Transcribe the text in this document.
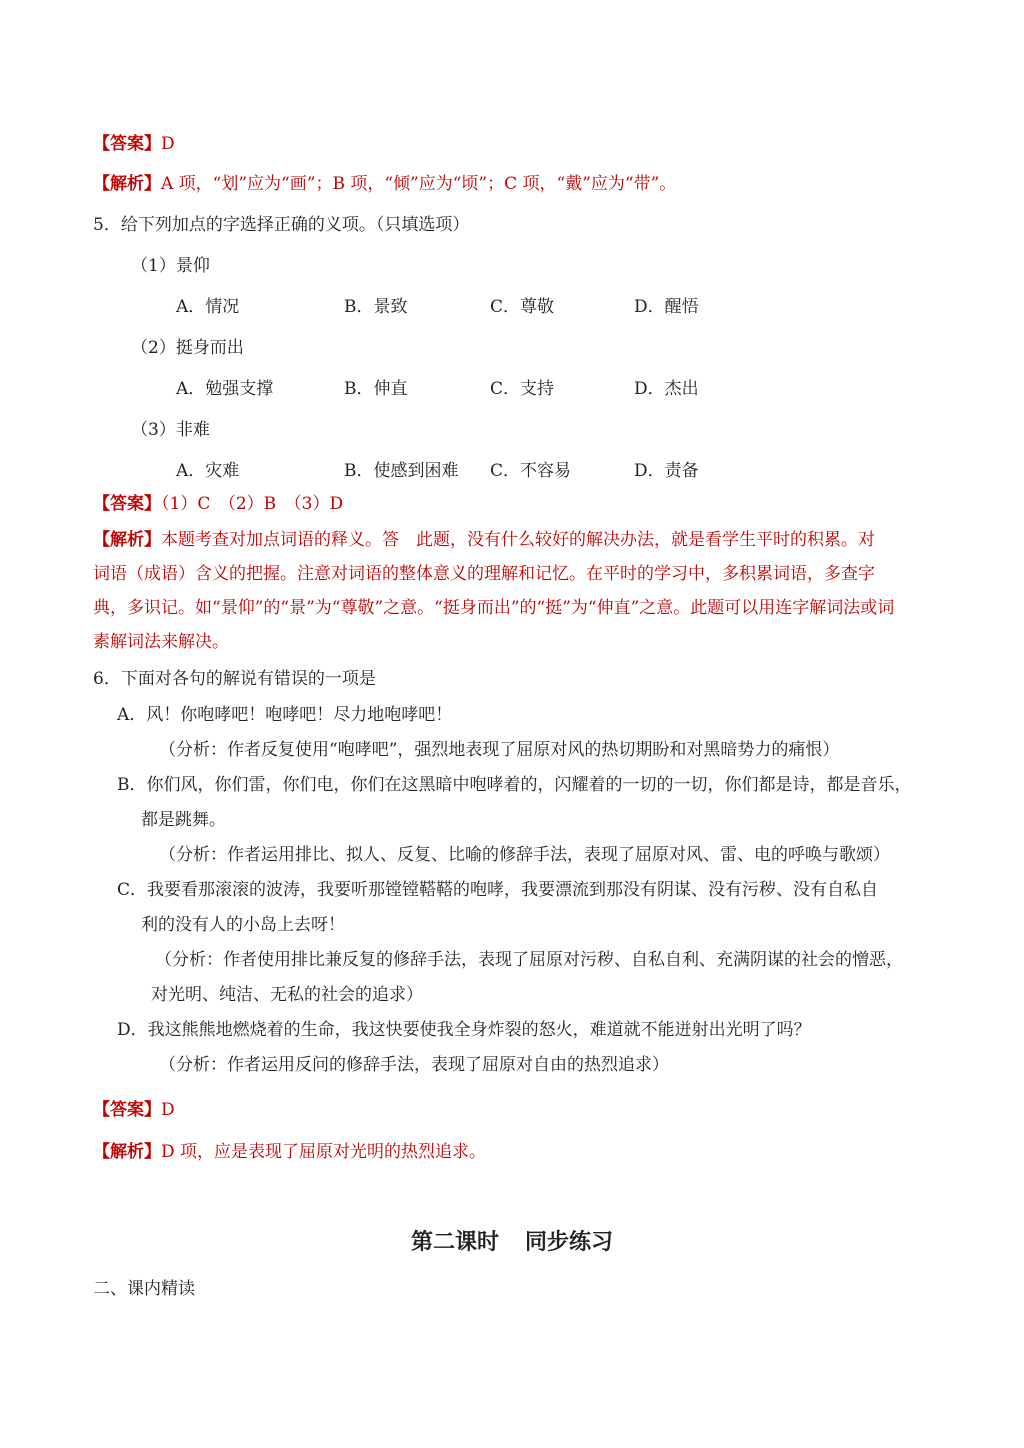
【答案】D
【解析】A 项，“划”应为“画”；B 项，“倾”应为“顷”；C 项，“戴”应为“带”。
5．给下列加点的字选择正确的义项。（只填选项）
（1）景仰
A．情况	B．景致	C．尊敬	D．醒悟
（2）挺身而出
A．勉强支撑	B．伸直	C．支持	D．杰出
（3）非难
A．灾难	B．使感到困难 C．不容易	D．责备
【答案】（1）C　（2）B　（3）D
【解析】本题考查对加点词语的释义。答　此题，没有什么较好的解决办法，就是看学生平时的积累。对
词语（成语）含义的把握。注意对词语的整体意义的理解和记忆。在平时的学习中，多积累词语，多查字
典，多识记。如“景仰”的“景”为“尊敬”之意。“挺身而出”的“挺”为“伸直”之意。此题可以用连字解词法或词
素解词法来解决。
6．下面对各句的解说有错误的一项是
A．风！你咆哮吧！咆哮吧！尽力地咆哮吧！
（分析：作者反复使用“咆哮吧”，强烈地表现了屈原对风的热切期盼和对黑暗势力的痛恨）
B．你们风，你们雷，你们电，你们在这黑暗中咆哮着的，闪耀着的一切的一切，你们都是诗，都是音乐，
都是跳舞。
（分析：作者运用排比、拟人、反复、比喻的修辞手法，表现了屈原对风、雷、电的呼唤与歌颂）
C．我要看那滚滚的波涛，我要听那镗镗鞳鞳的咆哮，我要漂流到那没有阴谋、没有污秽、没有自私自
利的没有人的小岛上去呀！
（分析：作者使用排比兼反复的修辞手法，表现了屈原对污秽、自私自利、充满阴谋的社会的憎恶，
对光明、纯洁、无私的社会的追求）
D．我这熊熊地燃烧着的生命，我这快要使我全身炸裂的怒火，难道就不能迸射出光明了吗？
（分析：作者运用反问的修辞手法，表现了屈原对自由的热烈追求）
【答案】D
【解析】D 项，应是表现了屈原对光明的热烈追求。
第二课时 同步练习
二、课内精读
